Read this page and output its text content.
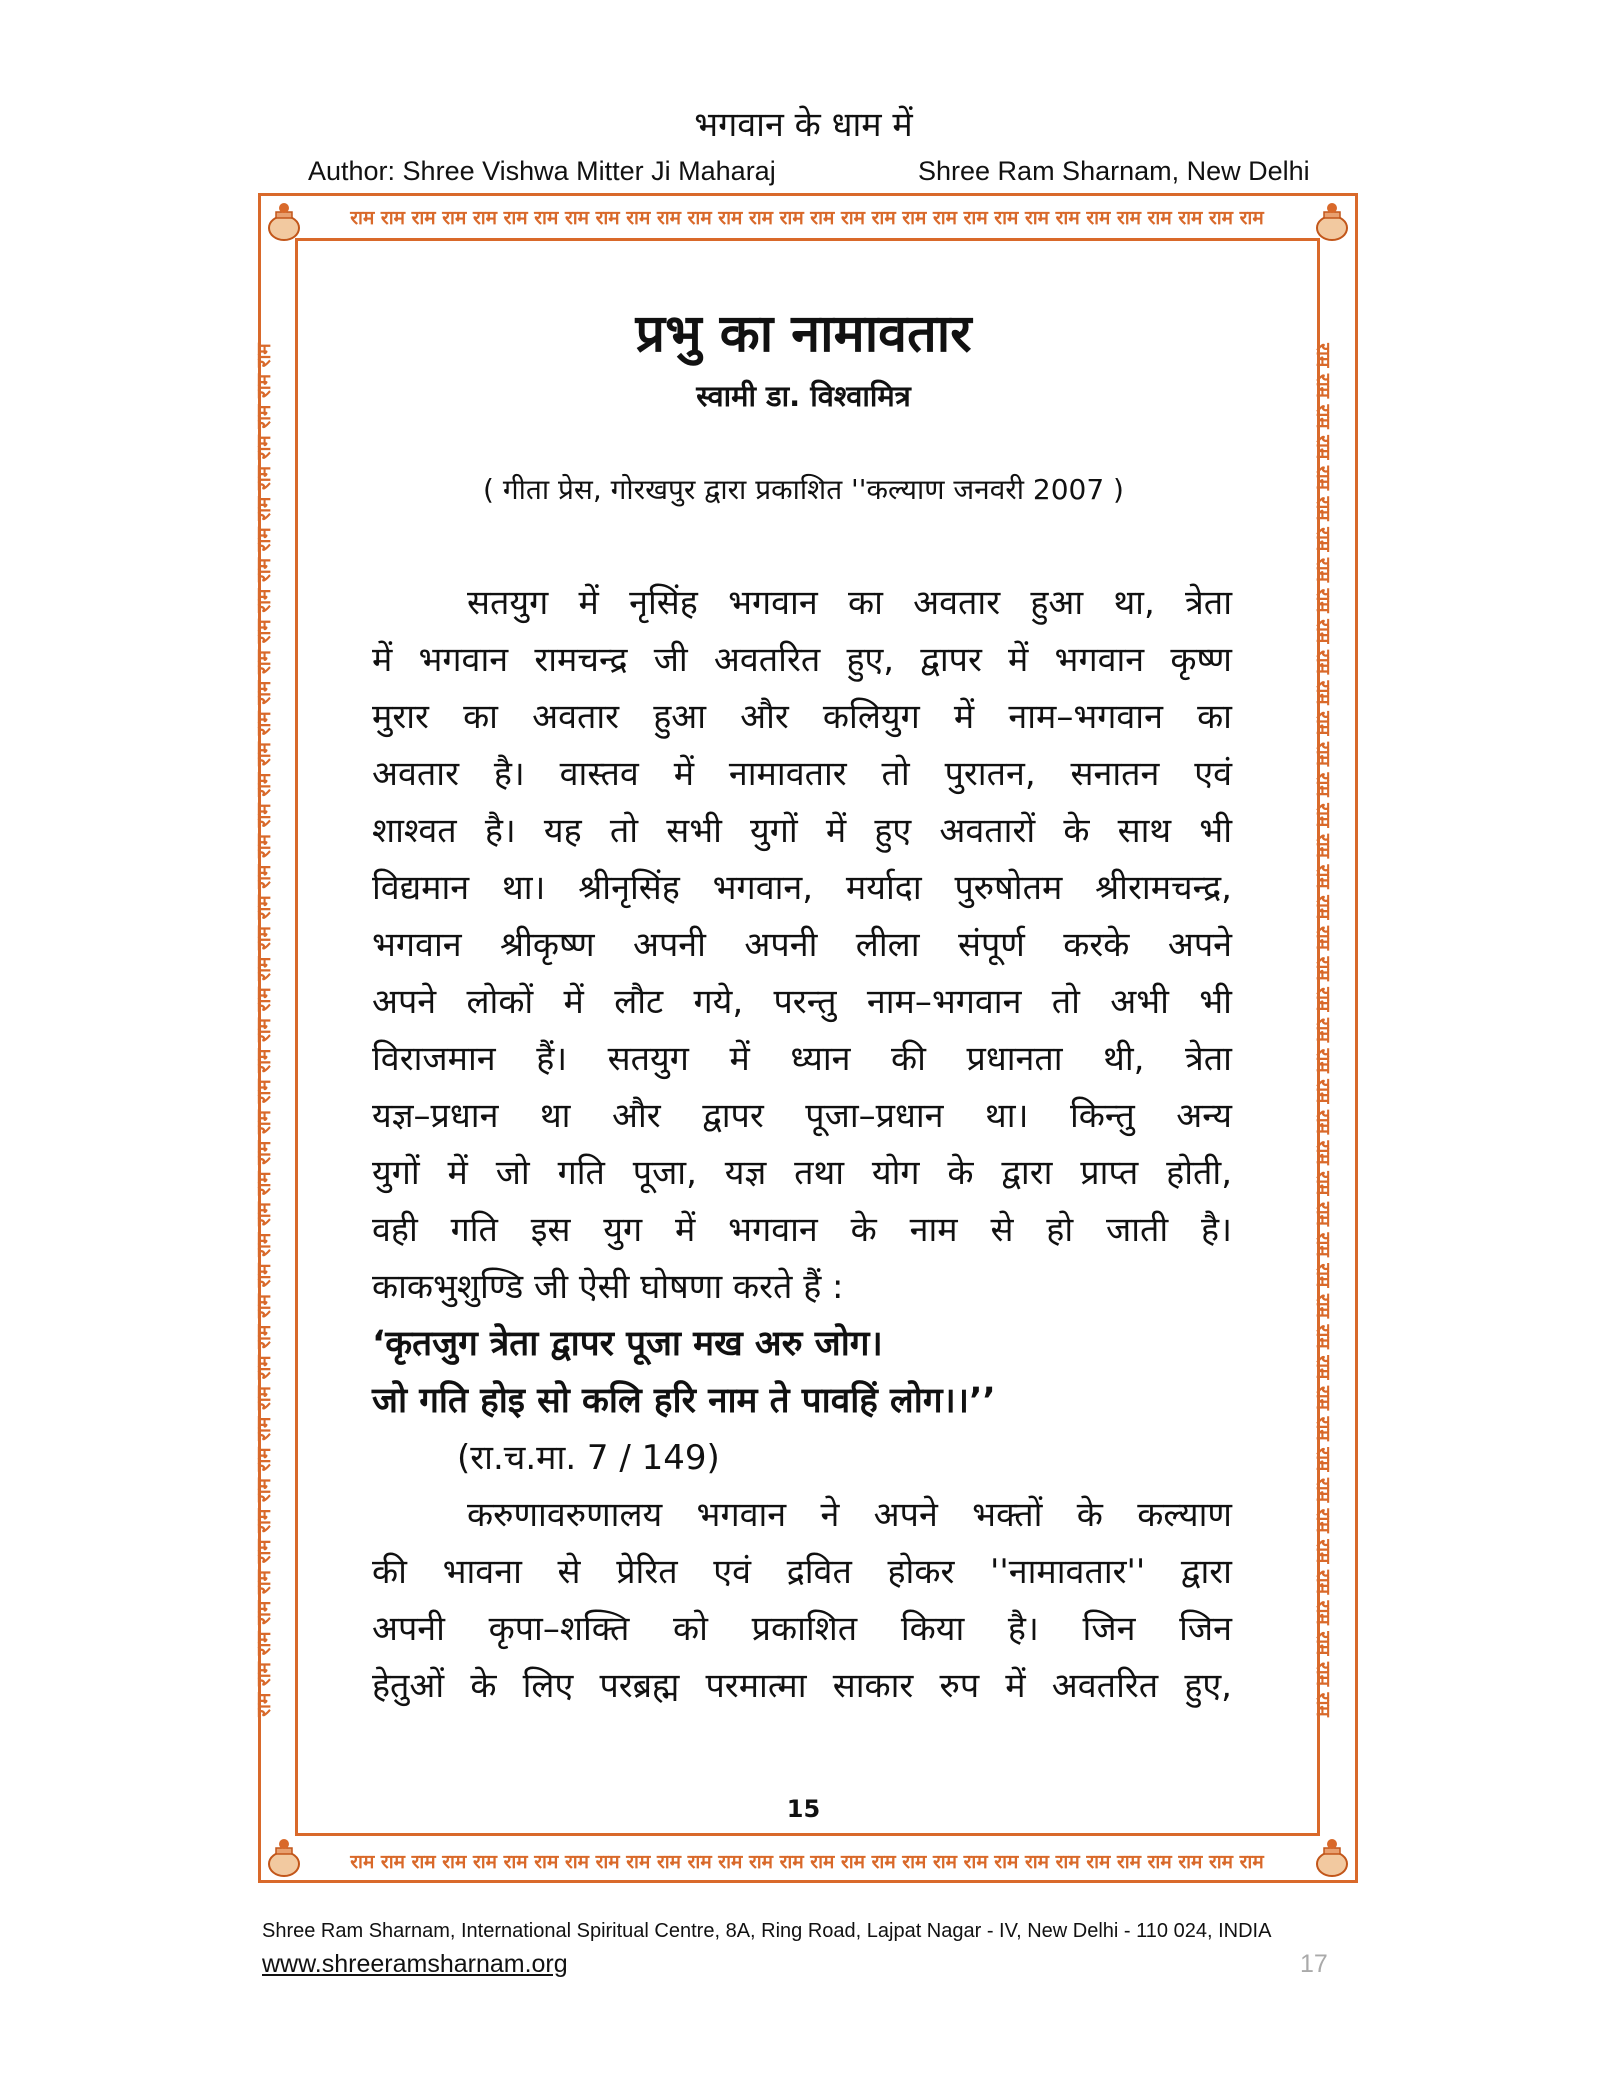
भगवान के धाम में
Author: Shree Vishwa Mitter Ji Maharaj	Shree Ram Sharnam, New Delhi
राम राम राम राम राम राम राम राम राम राम राम राम राम राम राम राम राम राम राम राम राम राम राम राम राम राम राम राम राम राम
राम राम राम राम राम राम राम राम राम राम राम राम राम राम राम राम राम राम राम राम राम राम राम राम राम राम राम राम राम राम
राम राम राम राम राम राम राम राम राम राम राम राम राम राम राम राम राम राम राम राम राम राम राम राम राम राम राम राम राम राम राम राम राम राम राम राम राम राम राम राम राम राम राम राम राम	राम राम राम राम राम राम राम राम राम राम राम राम राम राम राम राम राम राम राम राम राम राम राम राम राम राम राम राम राम राम राम राम राम राम राम राम राम राम राम राम राम राम राम राम राम
प्रभु का नामावतार
स्वामी डा. विश्वामित्र
( गीता प्रेस, गोरखपुर द्वारा प्रकाशित ''कल्याण जनवरी 2007 )

सतयुग में नृसिंह भगवान का अवतार हुआ था, त्रेता
में भगवान रामचन्द्र जी अवतरित हुए, द्वापर में भगवान कृष्ण
मुरार का अवतार हुआ और कलियुग में नाम–भगवान का
अवतार है। वास्तव में नामावतार तो पुरातन, सनातन एवं
शाश्वत है। यह तो सभी युगों में हुए अवतारों के साथ भी
विद्यमान था। श्रीनृसिंह भगवान, मर्यादा पुरुषोतम श्रीरामचन्द्र,
भगवान श्रीकृष्ण अपनी अपनी लीला संपूर्ण करके अपने
अपने लोकों में लौट गये, परन्तु नाम–भगवान तो अभी भी
विराजमान हैं। सतयुग में ध्यान की प्रधानता थी, त्रेता
यज्ञ–प्रधान था और द्वापर पूजा–प्रधान था। किन्तु अन्य
युगों में जो गति पूजा, यज्ञ तथा योग के द्वारा प्राप्त होती,
वही गति इस युग में भगवान के नाम से हो जाती है।

काकभुशुण्डि जी ऐसी घोषणा करते हैं :

‘कृतजुग त्रेता द्वापर पूजा मख अरु जोग।
जो गति होइ सो कलि हरि नाम ते पावहिं लोग।।’’
(रा.च.मा. 7 / 149)

करुणावरुणालय भगवान ने अपने भक्तों के कल्याण
की भावना से प्रेरित एवं द्रवित होकर ''नामावतार'' द्वारा
अपनी कृपा–शक्ति को प्रकाशित किया है। जिन जिन
हेतुओं के लिए परब्रह्म परमात्मा साकार रुप में अवतरित हुए,

15
Shree Ram Sharnam, International Spiritual Centre, 8A, Ring Road, Lajpat Nagar - IV, New Delhi - 110 024, INDIA
www.shreeramsharnam.org	17
